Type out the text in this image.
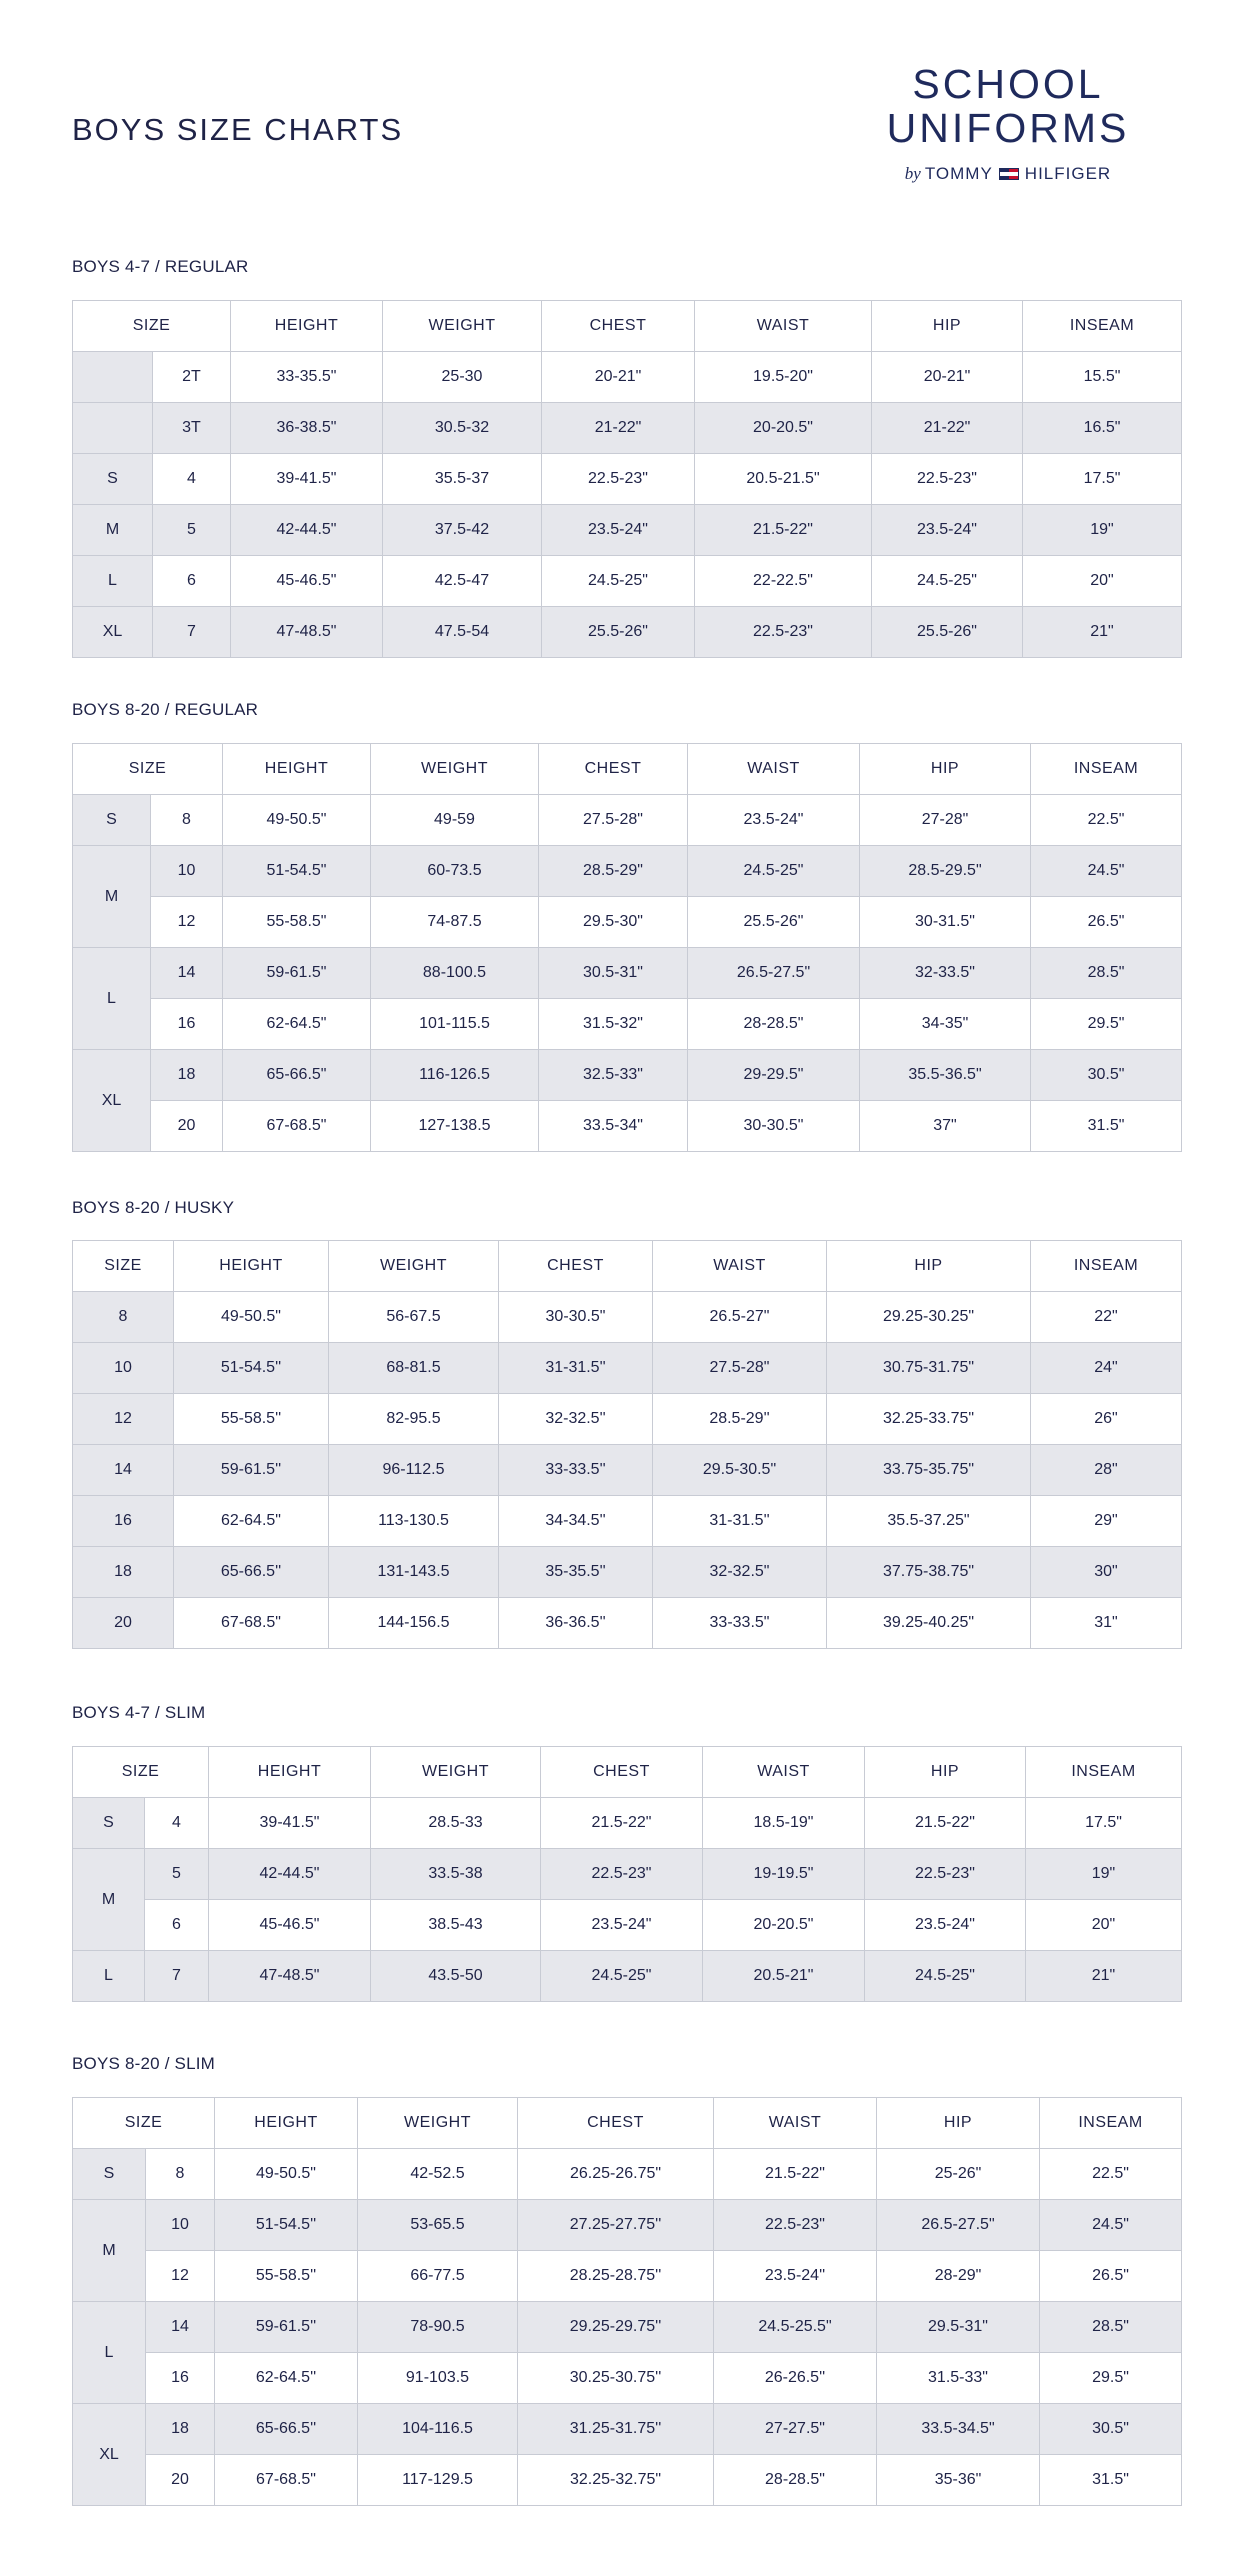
BOYS SIZE CHARTS
SCHOOL
UNIFORMS
by TOMMY HILFIGER
BOYS 4-7 / REGULAR
SIZE		HEIGHT	WEIGHT	CHEST	WAIST	HIP	INSEAM
	2T	33-35.5"	25-30	20-21"	19.5-20"	20-21"	15.5"
	3T	36-38.5"	30.5-32	21-22"	20-20.5"	21-22"	16.5"
S	4	39-41.5"	35.5-37	22.5-23"	20.5-21.5"	22.5-23"	17.5"
M	5	42-44.5"	37.5-42	23.5-24"	21.5-22"	23.5-24"	19"
L	6	45-46.5"	42.5-47	24.5-25"	22-22.5"	24.5-25"	20"
XL	7	47-48.5"	47.5-54	25.5-26"	22.5-23"	25.5-26"	21"
BOYS 8-20 / REGULAR
SIZE		HEIGHT	WEIGHT	CHEST	WAIST	HIP	INSEAM
S	8	49-50.5"	49-59	27.5-28"	23.5-24"	27-28"	22.5"
M	10	51-54.5"	60-73.5	28.5-29"	24.5-25"	28.5-29.5"	24.5"
	12	55-58.5"	74-87.5	29.5-30"	25.5-26"	30-31.5"	26.5"
L	14	59-61.5"	88-100.5	30.5-31"	26.5-27.5"	32-33.5"	28.5"
	16	62-64.5"	101-115.5	31.5-32"	28-28.5"	34-35"	29.5"
XL	18	65-66.5"	116-126.5	32.5-33"	29-29.5"	35.5-36.5"	30.5"
	20	67-68.5"	127-138.5	33.5-34"	30-30.5"	37"	31.5"
BOYS 8-20 / HUSKY
SIZE	HEIGHT	WEIGHT	CHEST	WAIST	HIP	INSEAM
8	49-50.5"	56-67.5	30-30.5"	26.5-27"	29.25-30.25"	22"
10	51-54.5''	68-81.5	31-31.5''	27.5-28"	30.75-31.75"	24"
12	55-58.5''	82-95.5	32-32.5''	28.5-29''	32.25-33.75"	26"
14	59-61.5''	96-112.5	33-33.5''	29.5-30.5"	33.75-35.75"	28"
16	62-64.5"	113-130.5	34-34.5''	31-31.5''	35.5-37.25"	29"
18	65-66.5''	131-143.5	35-35.5''	32-32.5"	37.75-38.75"	30"
20	67-68.5"	144-156.5	36-36.5''	33-33.5"	39.25-40.25"	31"
BOYS 4-7 / SLIM
SIZE		HEIGHT	WEIGHT	CHEST	WAIST	HIP	INSEAM
S	4	39-41.5"	28.5-33	21.5-22"	18.5-19"	21.5-22"	17.5"
M	5	42-44.5"	33.5-38	22.5-23"	19-19.5"	22.5-23"	19"
	6	45-46.5"	38.5-43	23.5-24"	20-20.5"	23.5-24"	20"
L	7	47-48.5"	43.5-50	24.5-25"	20.5-21"	24.5-25"	21"
BOYS 8-20 / SLIM
SIZE		HEIGHT	WEIGHT	CHEST	WAIST	HIP	INSEAM
S	8	49-50.5"	42-52.5	26.25-26.75"	21.5-22"	25-26"	22.5"
M	10	51-54.5''	53-65.5	27.25-27.75''	22.5-23"	26.5-27.5"	24.5"
	12	55-58.5''	66-77.5	28.25-28.75''	23.5-24''	28-29"	26.5"
L	14	59-61.5''	78-90.5	29.25-29.75''	24.5-25.5"	29.5-31"	28.5"
	16	62-64.5''	91-103.5	30.25-30.75''	26-26.5''	31.5-33"	29.5"
XL	18	65-66.5''	104-116.5	31.25-31.75''	27-27.5"	33.5-34.5"	30.5"
	20	67-68.5"	117-129.5	32.25-32.75"	28-28.5"	35-36"	31.5"
